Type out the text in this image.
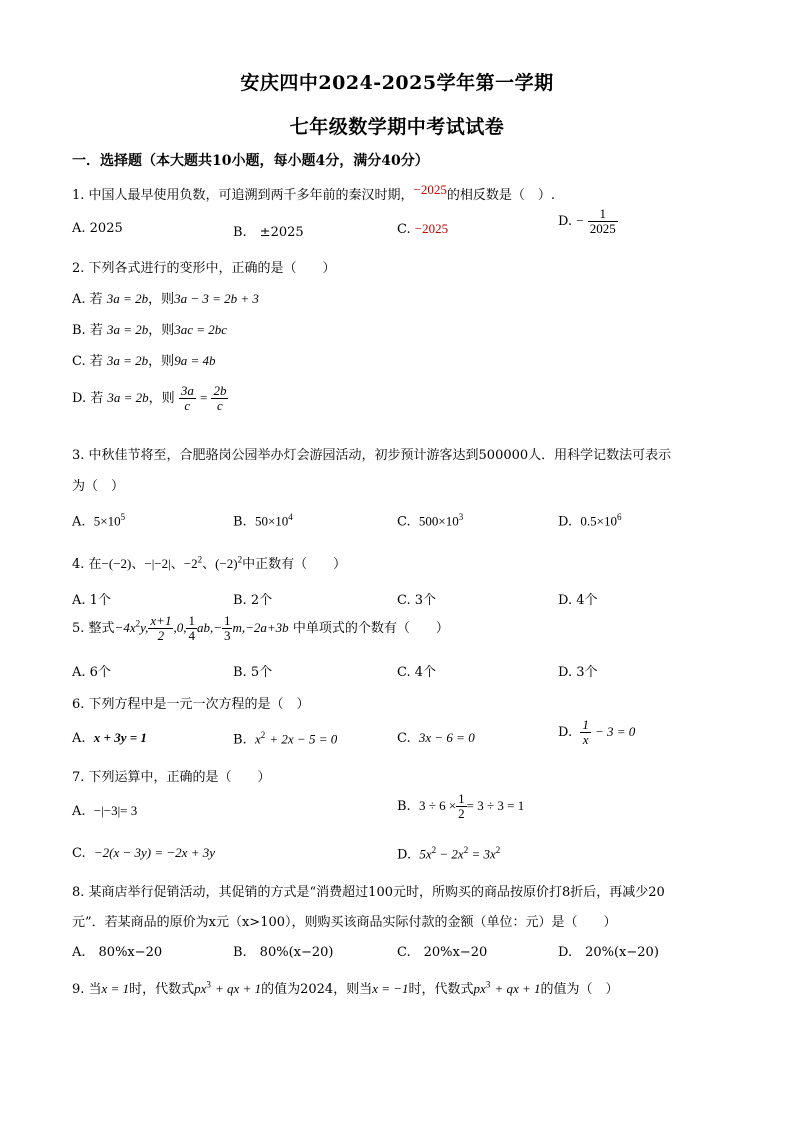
安庆四中2024-2025学年第一学期
七年级数学期中考试试卷
一．选择题（本大题共10小题，每小题4分，满分40分）
1. 中国人最早使用负数，可追溯到两千多年前的秦汉时期，−2025的相反数是（　）.
A. 2025	B.　±2025	C. −2025	D. − $\frac{1}{2025}$
2. 下列各式进行的变形中，正确的是（　　）
A. 若 3a = 2b，则3a − 3 = 2b + 3
B. 若 3a = 2b，则3ac = 2bc
C. 若 3a = 2b，则9a = 4b
D. 若 3a = 2b，则 $\frac{3a}{c} = \frac{2b}{c}$
3. 中秋佳节将至，合肥骆岗公园举办灯会游园活动，初步预计游客达到500000人．用科学记数法可表示
为（　）
A. $5\times 10^5$	B. $50\times 10^4$	C. $500\times 10^3$	D. $0.5\times 10^6$
4. 在−(−2)、−|−2|、$-2^2$、$(-2)^2$中正数有（　　）
A. 1个	B. 2个	C. 3个	D. 4个
5. 整式$-4x^2y$, $\frac{x+1}{2} ,0$, $\frac{1}{4} ab,- \frac{1}{3} m,-2a+3b$ 中单项式的个数有（　　）
A. 6个	B. 5个	C. 4个	D. 3个
6. 下列方程中是一元一次方程的是（　）
A. x + 3y = 1	B. $x^2 + 2x - 5 = 0$	C. 3x − 6 = 0	D. $\frac{1}{x} - 3 = 0$
7. 下列运算中，正确的是（　　）
A. −|−3|= 3	B. $3 \div 6 \times \frac{1}{2} = 3 \div 3 = 1$
C. −2(x − 3y) = −2x + 3y	D. $5x^2 - 2x^2 = 3x^2$
8. 某商店举行促销活动，其促销的方式是“消费超过100元时，所购买的商品按原价打8折后，再减少20
元”．若某商品的原价为x元（x>100），则购买该商品实际付款的金额（单位：元）是（　　）
A.　80%x−20	B.　80%(x−20)	C.　20%x−20	D.　20%(x−20)
9. 当x = 1时，代数式$px^3$ + qx + 1的值为2024，则当x = −1时，代数式$px^3$ + qx + 1的值为（　）
